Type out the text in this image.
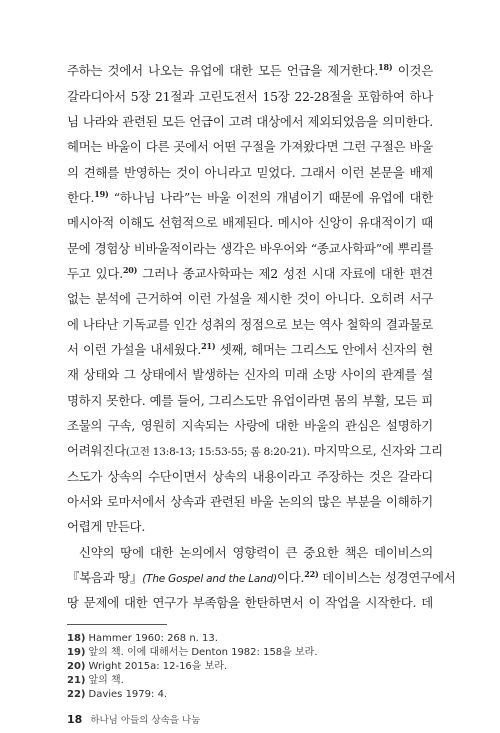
주하는 것에서 나오는 유업에 대한 모든 언급을 제거한다.$^{18)}$ 이것은
갈라디아서 5장 21절과 고린도전서 15장 22-28절을 포함하여 하나
님 나라와 관련된 모든 언급이 고려 대상에서 제외되었음을 의미한다.
헤머는 바울이 다른 곳에서 어떤 구절을 가져왔다면 그런 구절은 바울
의 견해를 반영하는 것이 아니라고 믿었다. 그래서 이런 본문을 배제
한다.$^{19)}$ “하나님 나라”는 바울 이전의 개념이기 때문에 유업에 대한
메시아적 이해도 선험적으로 배제된다. 메시아 신앙이 유대적이기 때
문에 경험상 비바울적이라는 생각은 바우어와 “종교사학파”에 뿌리를
두고 있다.$^{20)}$ 그러나 종교사학파는 제2 성전 시대 자료에 대한 편견
없는 분석에 근거하여 이런 가설을 제시한 것이 아니다. 오히려 서구
에 나타난 기독교를 인간 성취의 정점으로 보는 역사 철학의 결과물로
서 이런 가설을 내세웠다.$^{21)}$ 셋째, 헤머는 그리스도 안에서 신자의 현
재 상태와 그 상태에서 발생하는 신자의 미래 소망 사이의 관계를 설
명하지 못한다. 예를 들어, 그리스도만 유업이라면 몸의 부활, 모든 피
조물의 구속, 영원히 지속되는 사랑에 대한 바울의 관심은 설명하기
어려워진다(고전 13:8-13; 15:53-55; 롬 8:20-21). 마지막으로, 신자와 그리
스도가 상속의 수단이면서 상속의 내용이라고 주장하는 것은 갈라디
아서와 로마서에서 상속과 관련된 바울 논의의 많은 부분을 이해하기
어렵게 만든다.
신약의 땅에 대한 논의에서 영향력이 큰 중요한 책은 데이비스의
『복음과 땅』(The Gospel and the Land)이다.$^{22)}$ 데이비스는 성경연구에서
땅 문제에 대한 연구가 부족함을 한탄하면서 이 작업을 시작한다. 데
18) Hammer 1960: 268 n. 13.
19) 앞의 책. 이에 대해서는 Denton 1982: 158을 보라.
20) Wright 2015a: 12-16을 보라.
21) 앞의 책.
22) Davies 1979: 4.
18 하나님 아들의 상속을 나눔
